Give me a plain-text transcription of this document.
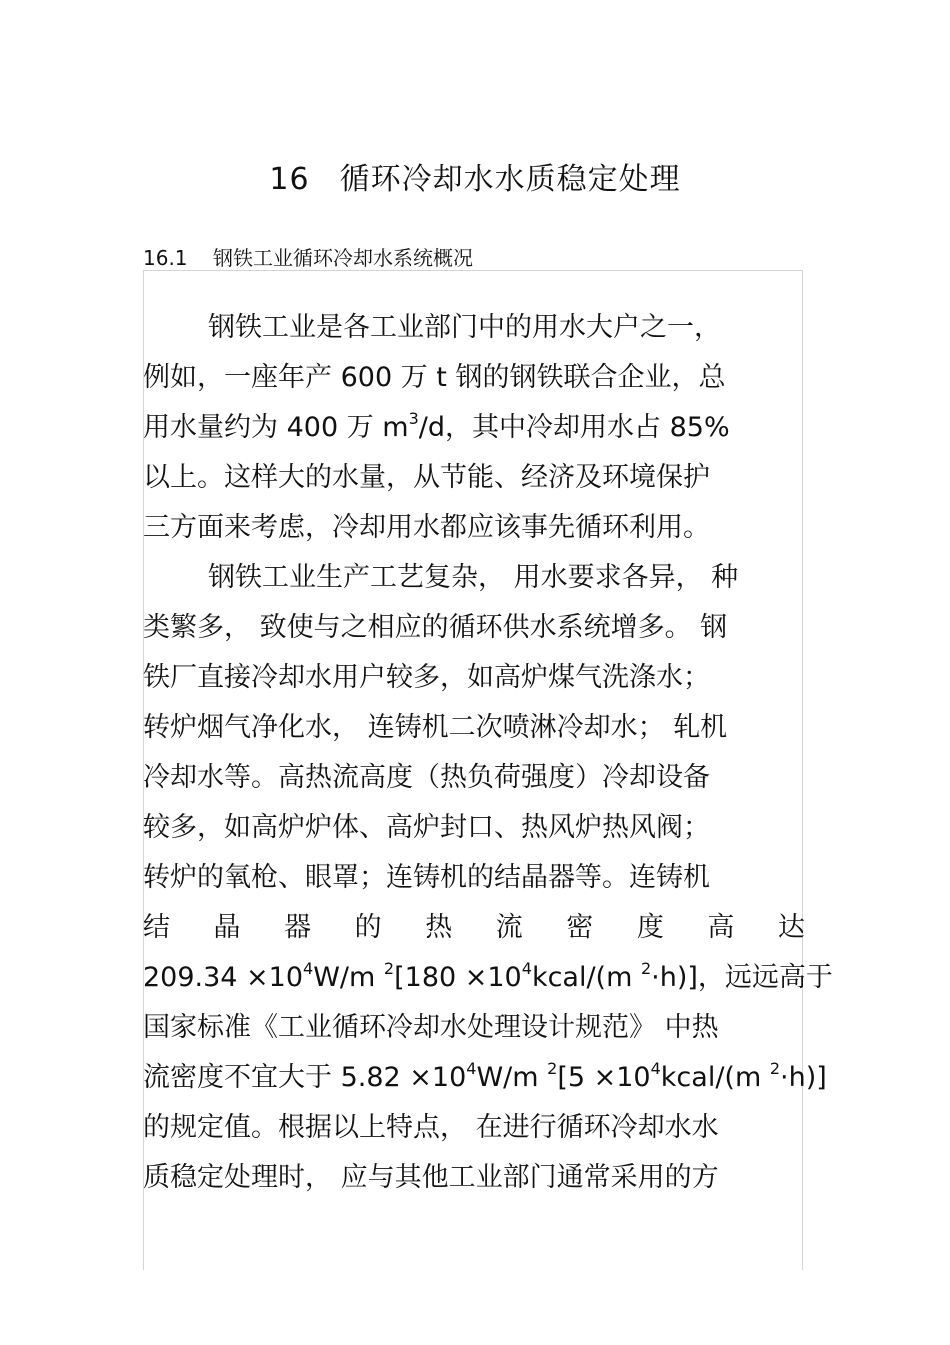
16 循环冷却水水质稳定处理
16.1 钢铁工业循环冷却水系统概况
钢铁工业是各工业部门中的用水大户之一，
例如，一座年产 600 万 t 钢的钢铁联合企业，总
用水量约为 400 万 $m^3/d$，其中冷却用水占 85%
以上。这样大的水量，从节能、经济及环境保护
三方面来考虑，冷却用水都应该事先循环利用。
钢铁工业生产工艺复杂， 用水要求各异， 种
类繁多， 致使与之相应的循环供水系统增多。 钢
铁厂直接冷却水用户较多，如高炉煤气洗涤水；
转炉烟气净化水， 连铸机二次喷淋冷却水； 轧机
冷却水等。高热流高度（热负荷强度）冷却设备
较多，如高炉炉体、高炉封口、热风炉热风阀；
转炉的氧枪、眼罩；连铸机的结晶器等。连铸机
结 晶 器 的 热 流 密 度 高 达
$209.34 \times 10^4W/m$ $^2[180 \times 10^4kcal/(m$ $^2$·h)]，远远高于
国家标准《工业循环冷却水处理设计规范》 中热
流密度不宜大于 $5.82 \times 10^4W/m$ $^2[5 \times 10^4kcal/(m$ $^2$·h)]
的规定值。根据以上特点， 在进行循环冷却水水
质稳定处理时， 应与其他工业部门通常采用的方
